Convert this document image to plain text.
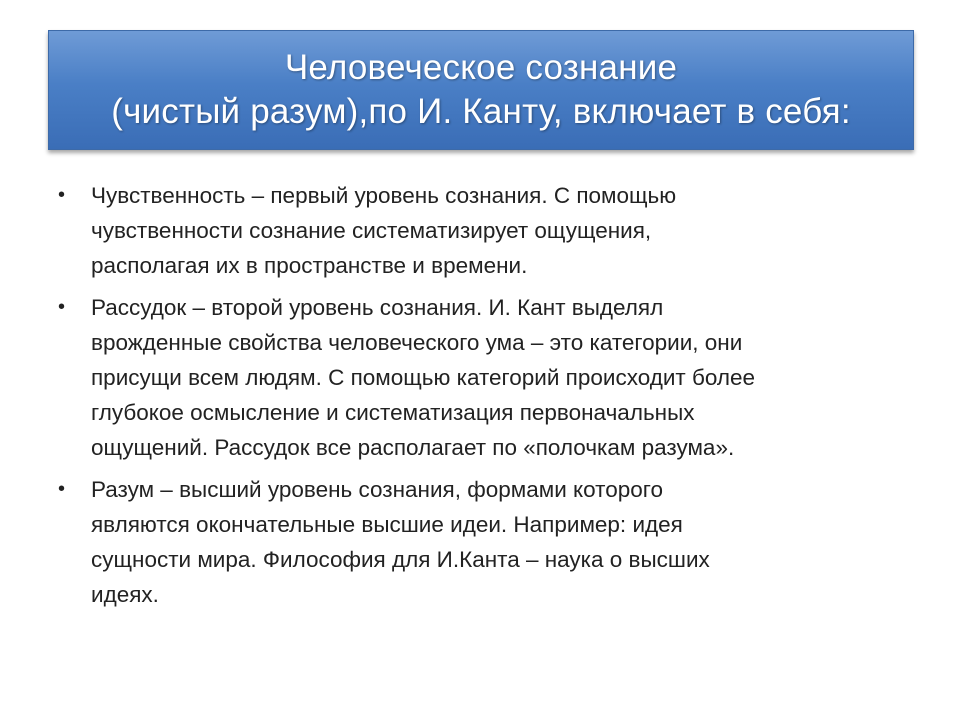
Человеческое сознание
(чистый разум),по И. Канту, включает в себя:
•	Чувственность – первый уровень сознания. С помощью
чувственности сознание систематизирует ощущения,
располагая их в пространстве и времени.
•	Рассудок – второй уровень сознания. И. Кант выделял
врожденные свойства человеческого ума – это категории, они
присущи всем людям. С помощью категорий происходит более
глубокое осмысление и систематизация первоначальных
ощущений. Рассудок все располагает по «полочкам разума».
•	Разум – высший уровень сознания, формами которого
являются окончательные высшие идеи. Например: идея
сущности мира. Философия для И.Канта – наука о высших
идеях.
